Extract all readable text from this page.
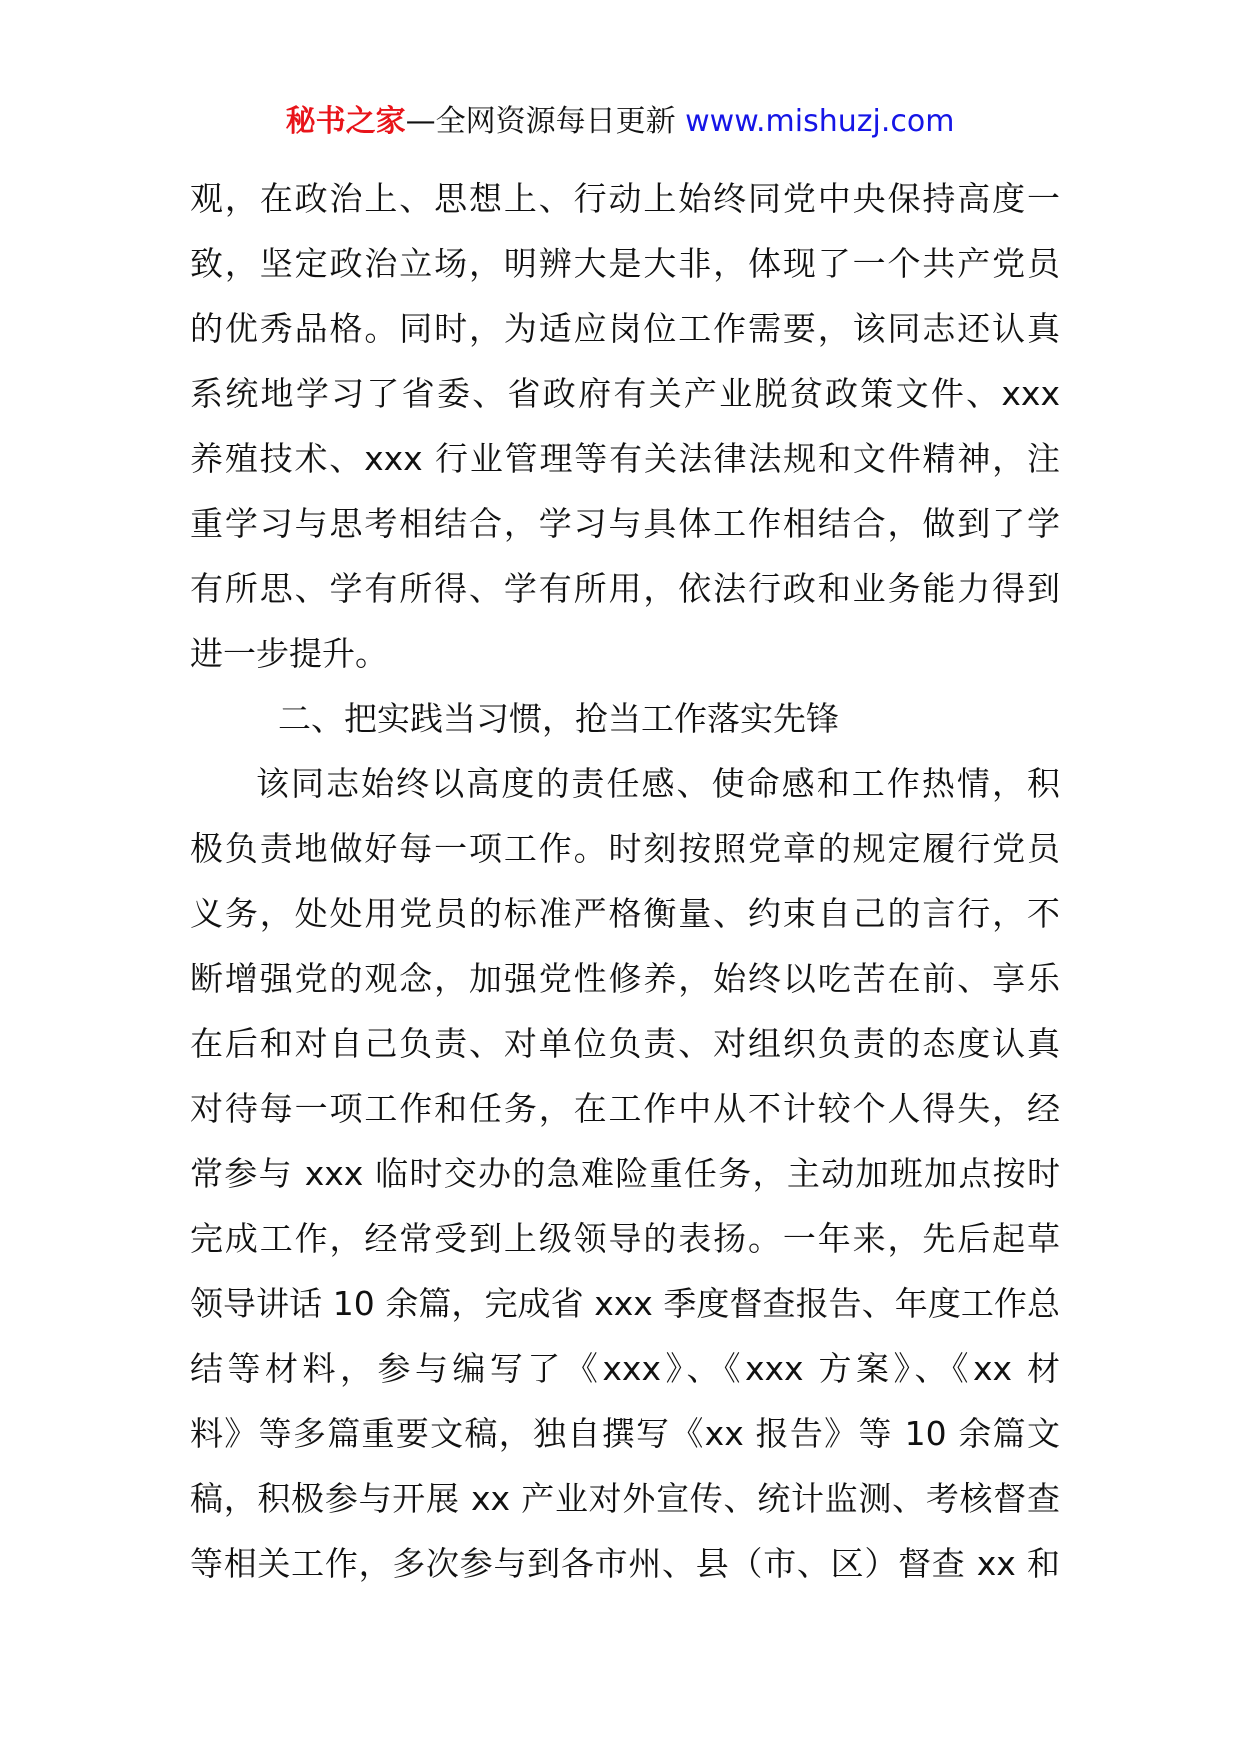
秘书之家—全网资源每日更新 www.mishuzj.com
观，在政治上、思想上、行动上始终同党中央保持高度一
致，坚定政治立场，明辨大是大非，体现了一个共产党员
的优秀品格。同时，为适应岗位工作需要，该同志还认真
系统地学习了省委、省政府有关产业脱贫政策文件、xxx
养殖技术、xxx 行业管理等有关法律法规和文件精神，注
重学习与思考相结合，学习与具体工作相结合，做到了学
有所思、学有所得、学有所用，依法行政和业务能力得到
进一步提升。
二、把实践当习惯，抢当工作落实先锋
该同志始终以高度的责任感、使命感和工作热情，积
极负责地做好每一项工作。时刻按照党章的规定履行党员
义务，处处用党员的标准严格衡量、约束自己的言行，不
断增强党的观念，加强党性修养，始终以吃苦在前、享乐
在后和对自己负责、对单位负责、对组织负责的态度认真
对待每一项工作和任务，在工作中从不计较个人得失，经
常参与 xxx 临时交办的急难险重任务，主动加班加点按时
完成工作，经常受到上级领导的表扬。一年来，先后起草
领导讲话 10 余篇，完成省 xxx 季度督查报告、年度工作总
结等材料，参与编写了《xxx》、《xxx 方案》、《xx 材
料》等多篇重要文稿，独自撰写《xx 报告》等 10 余篇文
稿，积极参与开展 xx 产业对外宣传、统计监测、考核督查
等相关工作，多次参与到各市州、县（市、区）督查 xx 和
